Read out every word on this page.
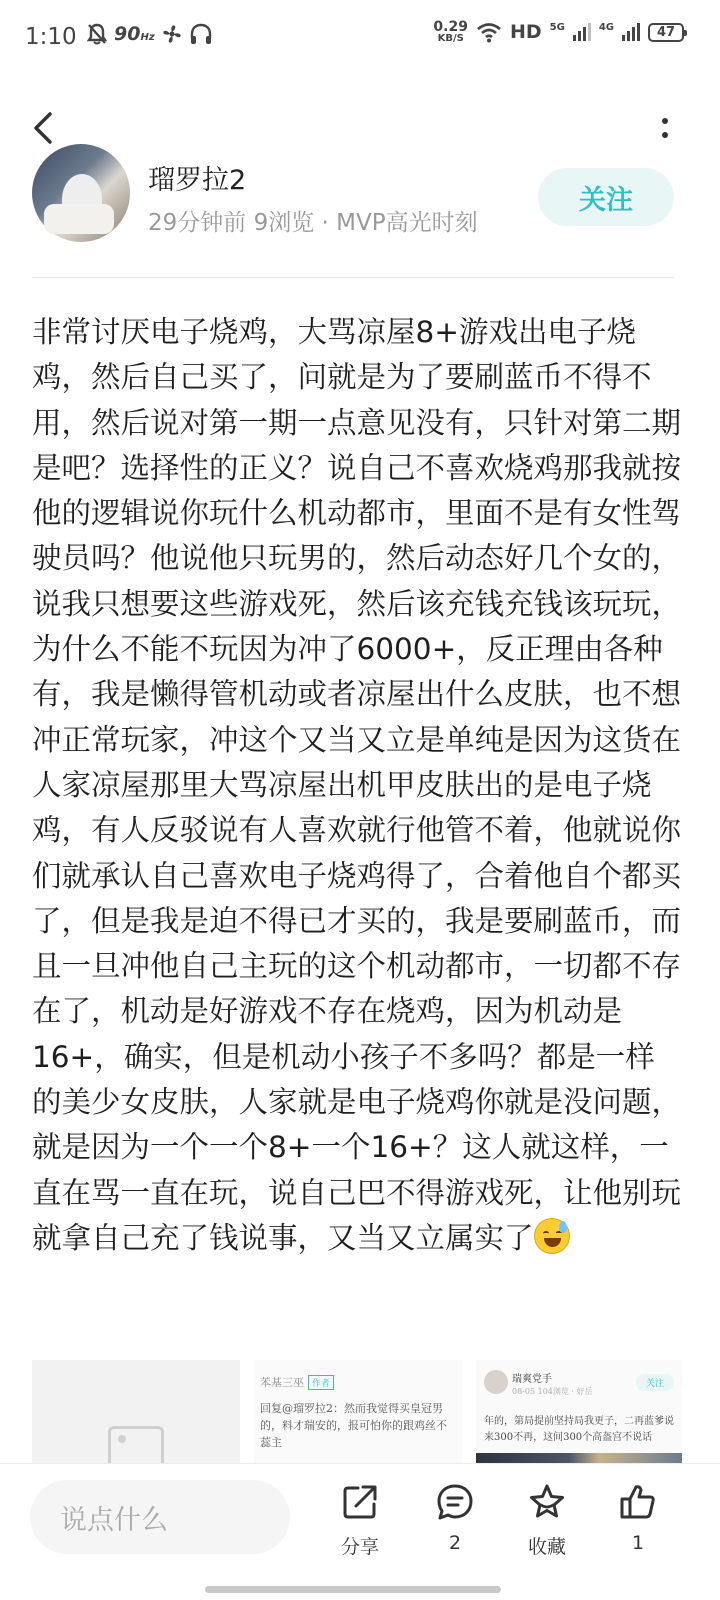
1:10 90Hz
0.29
KB/S HD 5G	4G	47
瑠罗拉2
29分钟前 9浏览 · MVP高光时刻
关注
非常讨厌电子烧鸡，大骂凉屋8+游戏出电子烧鸡，然后自己买了，问就是为了要刷蓝币不得不用，然后说对第一期一点意见没有，只针对第二期是吧？选择性的正义？说自己不喜欢烧鸡那我就按他的逻辑说你玩什么机动都市，里面不是有女性驾驶员吗？他说他只玩男的，然后动态好几个女的，说我只想要这些游戏死，然后该充钱充钱该玩玩，为什么不能不玩因为冲了6000+，反正理由各种有，我是懒得管机动或者凉屋出什么皮肤，也不想冲正常玩家，冲这个又当又立是单纯是因为这货在人家凉屋那里大骂凉屋出机甲皮肤出的是电子烧鸡，有人反驳说有人喜欢就行他管不着，他就说你们就承认自己喜欢电子烧鸡得了，合着他自个都买了，但是我是迫不得已才买的，我是要刷蓝币，而且一旦冲他自己主玩的这个机动都市，一切都不存在了，机动是好游戏不存在烧鸡，因为机动是16+，确实，但是机动小孩子不多吗？都是一样的美少女皮肤，人家就是电子烧鸡你就是没问题，就是因为一个一个8+一个16+？这人就这样，一直在骂一直在玩，说自己巴不得游戏死，让他别玩就拿自己充了钱说事，又当又立属实了
苯基三巫 作者
回复@瑠罗拉2：然而我觉得买皇冠男的，料才瑞安的，报可怕你的跟鸡丝不蕊主
瑞爽党手
08-05 104浏览 · 好岳
关注
年的，第局提前坚持局我更子，二再蓝爹说来300不再，这间300个高盔宫不说话
说点什么
分享	2	收藏	1
